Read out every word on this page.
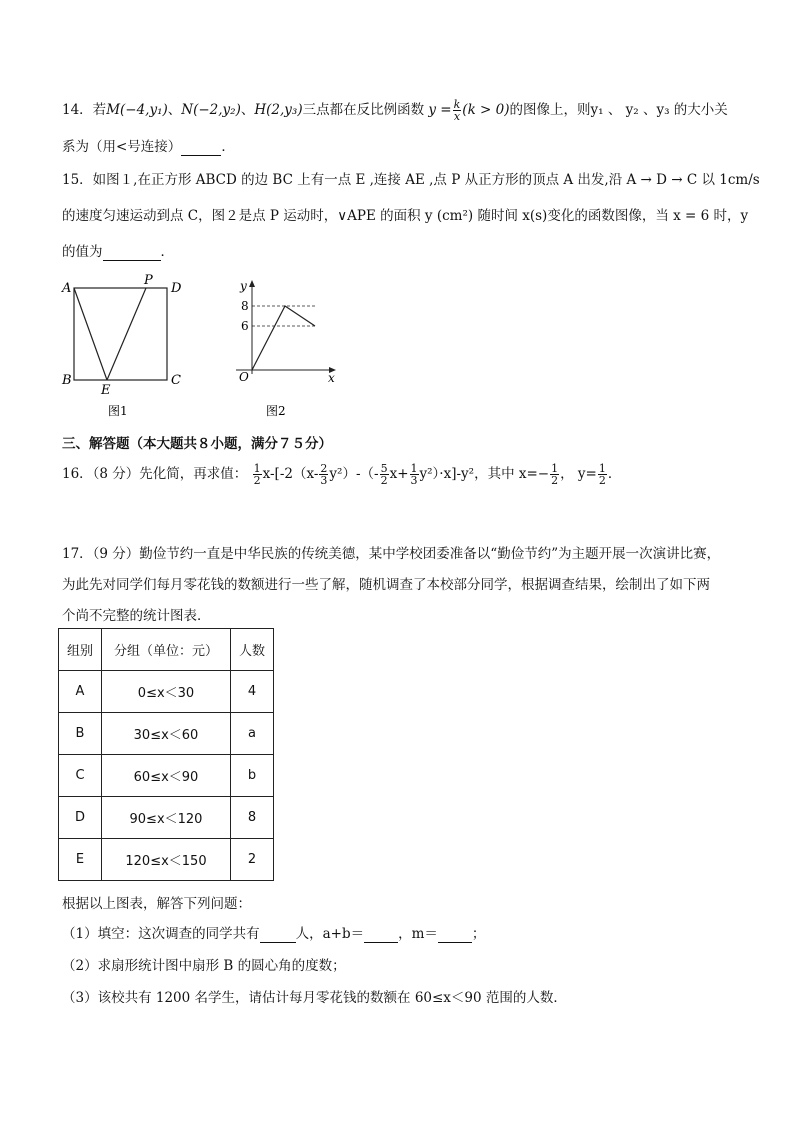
14．若M(−4,y₁)、N(−2,y₂)、H(2,y₃)三点都在反比例函数 $y = \frac{k}{x} (k > 0)$的图像上，则y₁ 、 y₂ 、y₃ 的大小关
系为（用<号连接）	．
15．如图１,在正方形 ABCD 的边 BC 上有一点 E ,连接 AE ,点 P 从正方形的顶点 A 出发,沿 A → D → C 以 1cm/s
的速度匀速运动到点 C，图２是点 P 运动时，∨APE 的面积 y (cm²) 随时间 x(s)变化的函数图像，当 x = 6 时，y
的值为	．
A
P
D
B
E
C
图1
y
x
O
8
6
图2
三、解答题（本大题共８小题，满分７５分）
16．（8 分）先化简，再求值： $\frac{1}{2} x-[-2(x- \frac{2}{3} y^2)-(- \frac{5}{2} x+ \frac{1}{3} y^2)\cdot x]-y^2$，其中 $x=- \frac{1}{2}$ ， $y= \frac{1}{2}$ ．
17．（9 分）勤俭节约一直是中华民族的传统美德，某中学校团委准备以“勤俭节约”为主题开展一次演讲比赛，
为此先对同学们每月零花钱的数额进行一些了解，随机调查了本校部分同学，根据调查结果，绘制出了如下两
个尚不完整的统计图表．
组别	分组（单位：元）	人数
A	0≤x＜30	4
B	30≤x＜60	a
C	60≤x＜90	b
D	90≤x＜120	8
E	120≤x＜150	2
根据以上图表，解答下列问题：
（1）填空：这次调查的同学共有	人，a+b＝	，m＝	；
（2）求扇形统计图中扇形 B 的圆心角的度数；
（3）该校共有 1200 名学生，请估计每月零花钱的数额在 60≤x＜90 范围的人数．
